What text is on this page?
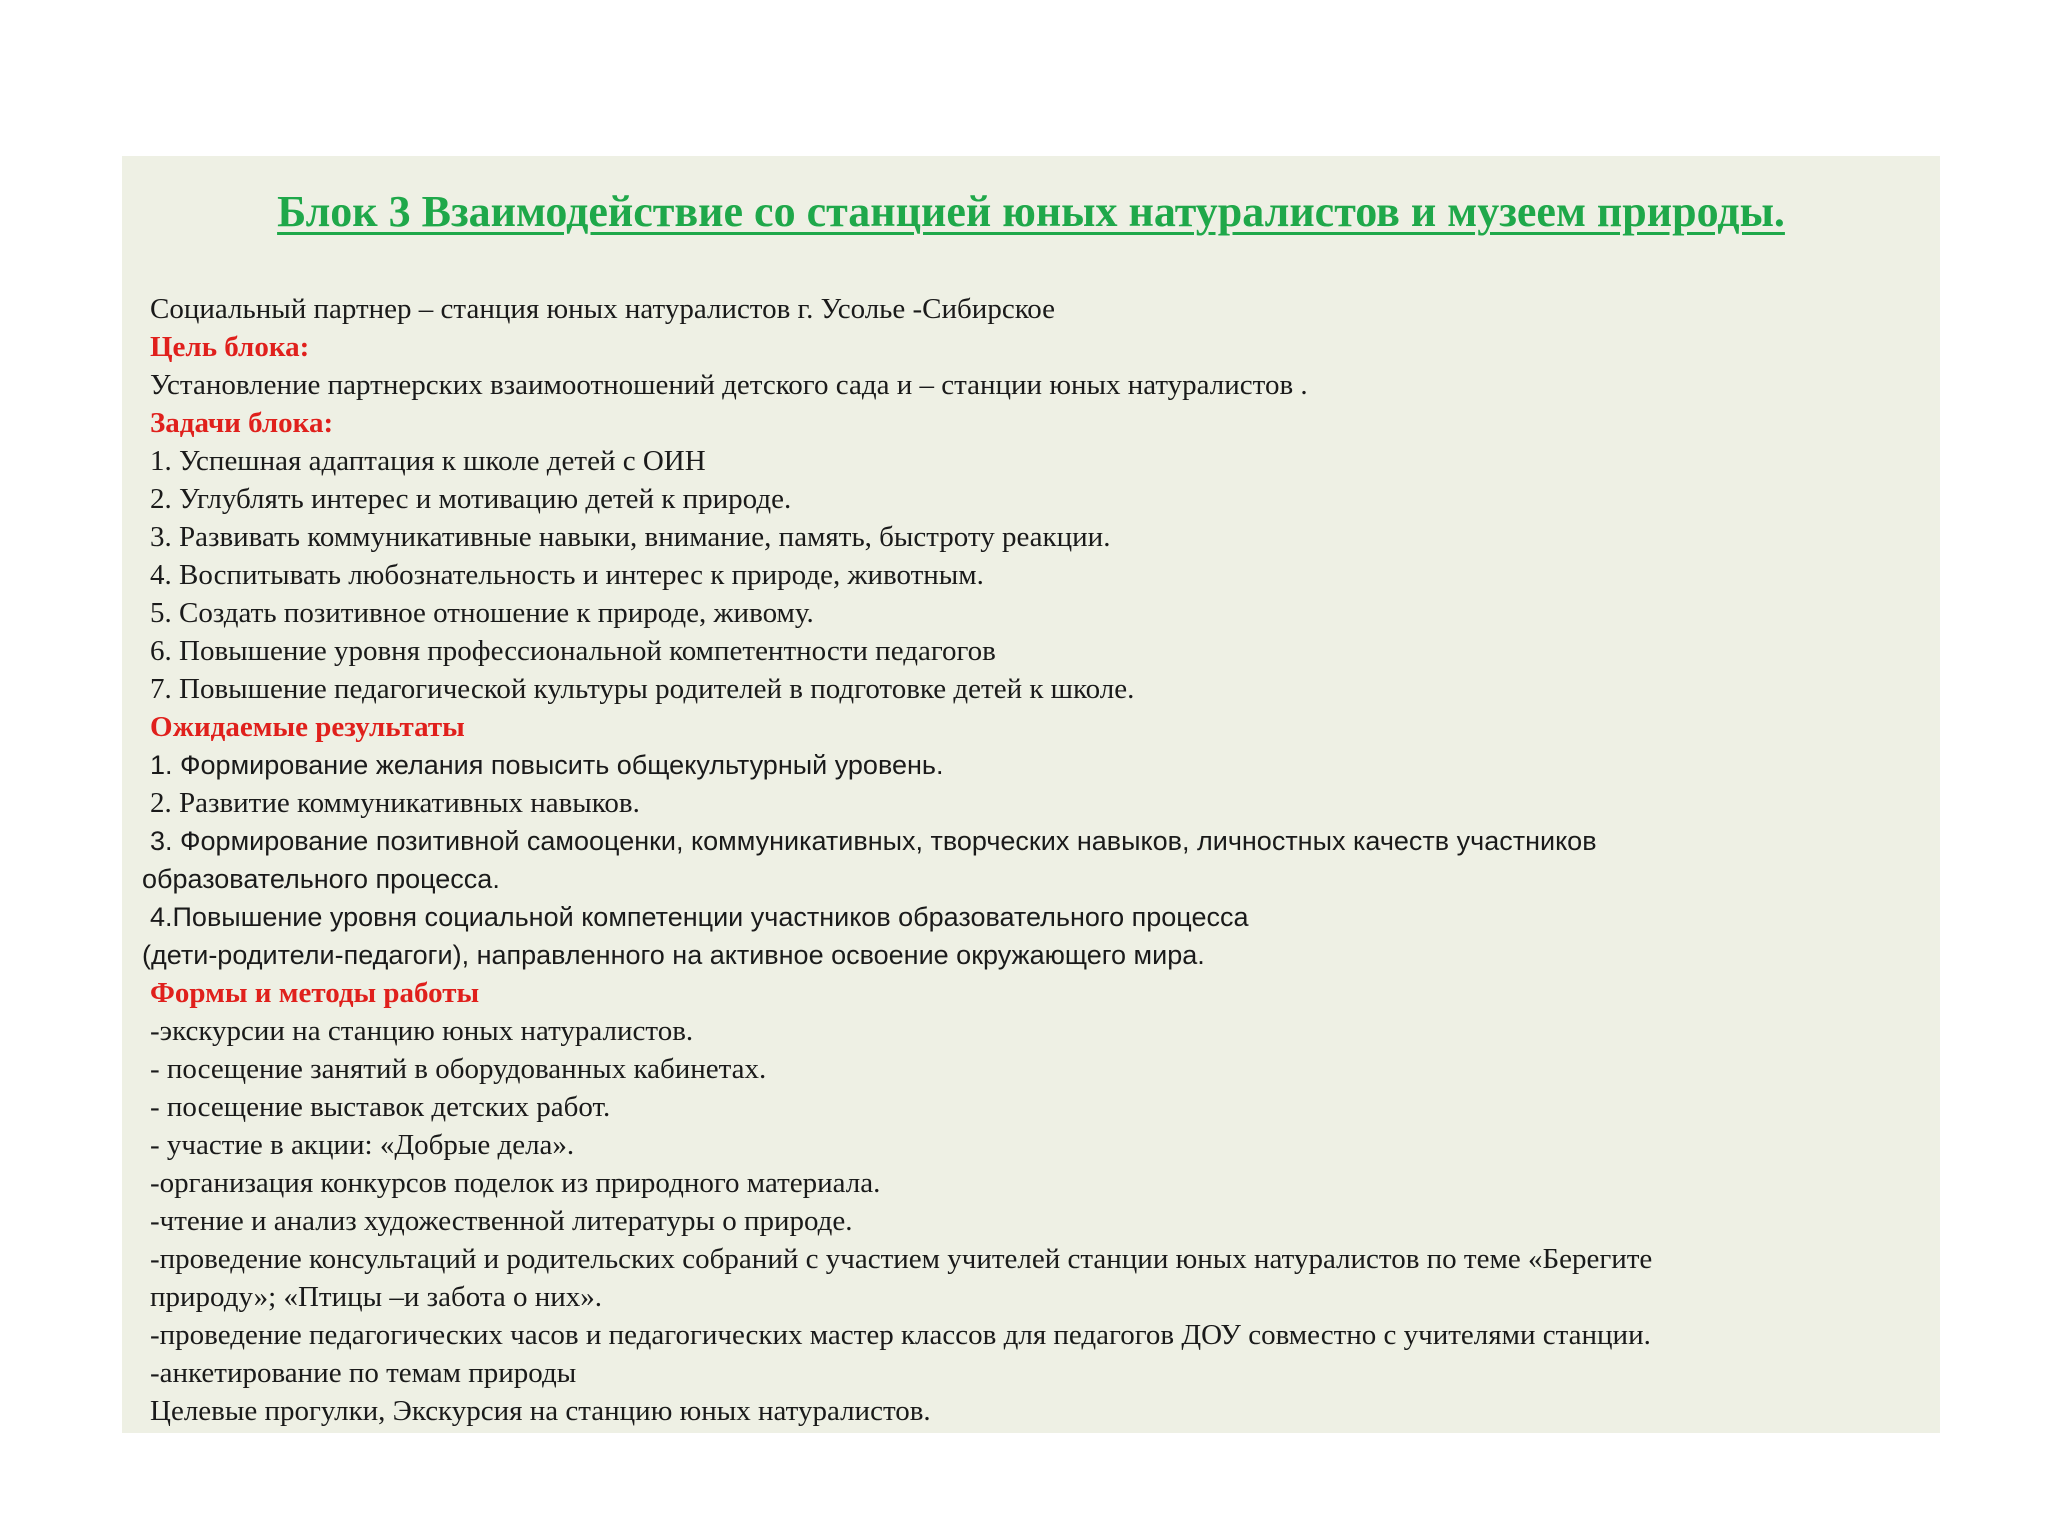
Блок 3 Взаимодействие со станцией юных натуралистов и музеем природы.
Социальный партнер – станция юных натуралистов г. Усолье -Сибирское
Цель блока:
Установление партнерских взаимоотношений детского сада и – станции юных натуралистов .
Задачи блока:
1. Успешная адаптация к школе детей с ОИН
2. Углублять интерес и мотивацию детей к природе.
3. Развивать коммуникативные навыки, внимание, память, быстроту реакции.
4. Воспитывать любознательность и интерес к природе, животным.
5. Создать позитивное отношение к природе, живому.
6. Повышение уровня профессиональной компетентности педагогов
7. Повышение педагогической культуры родителей в подготовке детей к школе.
Ожидаемые результаты
1. Формирование желания повысить общекультурный уровень.
2. Развитие коммуникативных навыков.
3. Формирование позитивной самооценки, коммуникативных, творческих навыков, личностных качеств участников
образовательного процесса.
4.Повышение уровня социальной компетенции участников образовательного процесса
(дети-родители-педагоги), направленного на активное освоение окружающего мира.
Формы и методы работы
-экскурсии на станцию юных натуралистов.
- посещение занятий в оборудованных кабинетах.
- посещение выставок детских работ.
- участие в акции: «Добрые дела».
-организация конкурсов поделок из природного материала.
-чтение и анализ художественной литературы о природе.
-проведение консультаций и родительских собраний с участием учителей станции юных натуралистов по теме «Берегите
природу»; «Птицы –и забота о них».
-проведение педагогических часов и педагогических мастер классов для педагогов ДОУ совместно с учителями станции.
-анкетирование по темам природы
Целевые прогулки, Экскурсия на станцию юных натуралистов.
